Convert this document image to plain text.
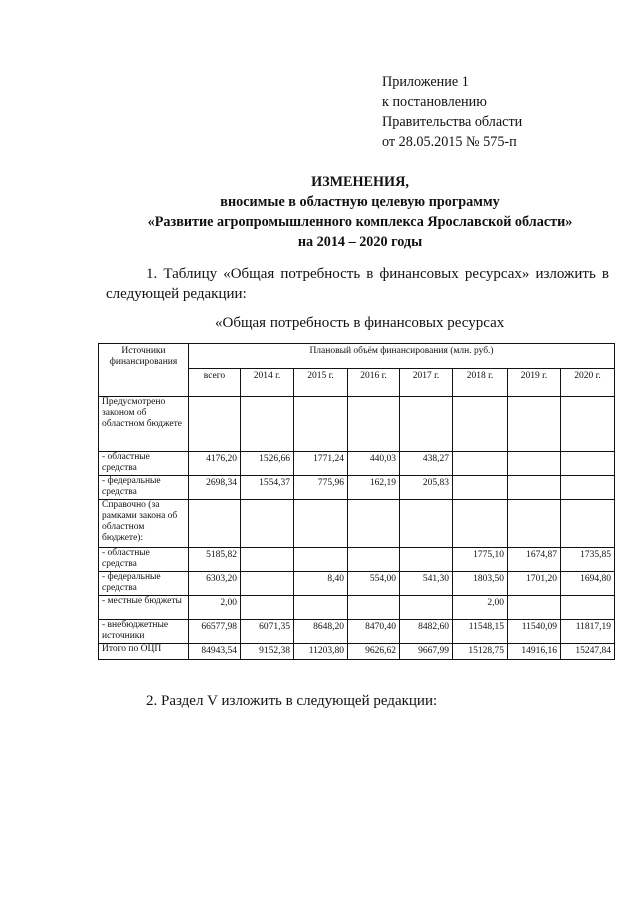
Приложение 1
к постановлению
Правительства области
от 28.05.2015 № 575-п
ИЗМЕНЕНИЯ,
вносимые в областную целевую программу
«Развитие агропромышленного комплекса Ярославской области»
на 2014 – 2020 годы
1. Таблицу «Общая потребность в финансовых ресурсах» изложить в
следующей редакции:
«Общая потребность в финансовых ресурсах
Источники финансирования	Плановый объём финансирования (млн. руб.)							
	всего	2014 г.	2015 г.	2016 г.	2017 г.	2018 г.	2019 г.	2020 г.
Предусмотрено законом об областном бюджете								
- областные средства	4176,20	1526,66	1771,24	440,03	438,27			
- федеральные средства	2698,34	1554,37	775,96	162,19	205,83			
Справочно (за рамками закона об областном бюджете):								
- областные средства	5185,82					1775,10	1674,87	1735,85
- федеральные средства	6303,20		8,40	554,00	541,30	1803,50	1701,20	1694,80
- местные бюджеты	2,00					2,00		
- внебюджетные источники	66577,98	6071,35	8648,20	8470,40	8482,60	11548,15	11540,09	11817,19
Итого по ОЦП	84943,54	9152,38	11203,80	9626,62	9667,99	15128,75	14916,16	15247,84
2. Раздел V изложить в следующей редакции:
